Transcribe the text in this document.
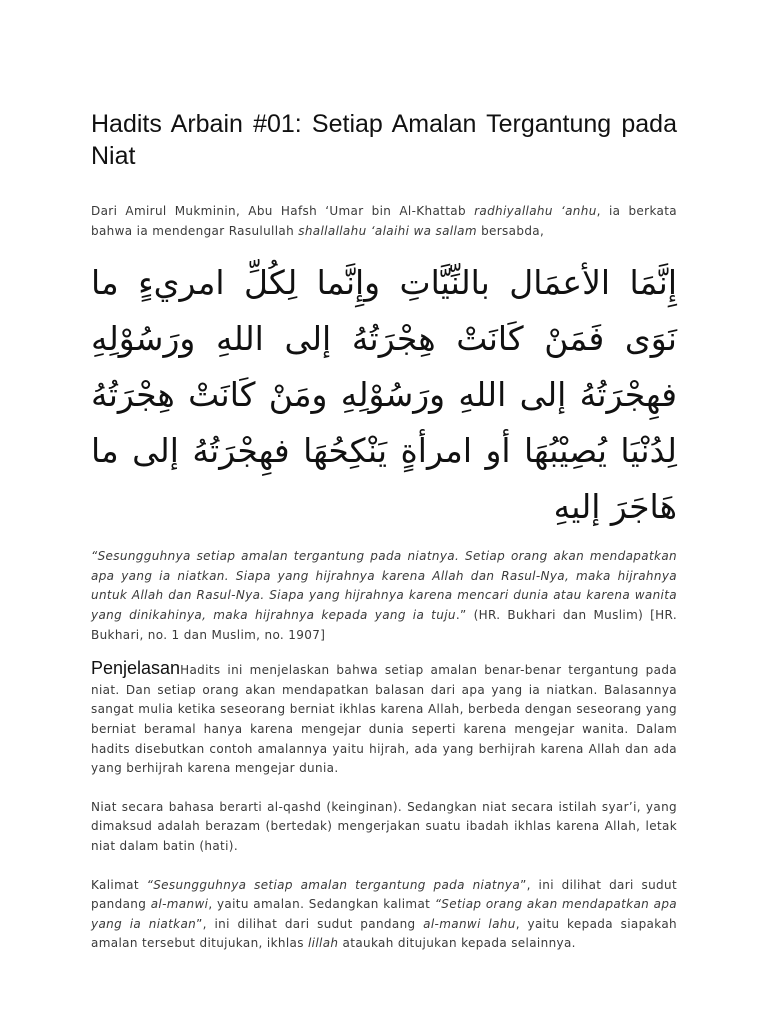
Hadits Arbain #01: Setiap Amalan Tergantung pada Niat

Dari Amirul Mukminin, Abu Hafsh ‘Umar bin Al-Khattab radhiyallahu ‘anhu, ia berkata bahwa ia mendengar Rasulullah shallallahu ‘alaihi wa sallam bersabda,

إِنَّمَا الأعمَال بالنِّيَّاتِ وإِنَّما لِكُلِّ امريءٍ ما نَوَى فَمَنْ كَانَتْ هِجْرَتُهُ إلى اللهِ ورَسُوْلِهِ فهِجْرَتُهُ إلى اللهِ ورَسُوْلِهِ ومَنْ كَانَتْ هِجْرَتُهُ لِدُنْيَا يُصِيْبُهَا أو امرأةٍ يَنْكِحُهَا فهِجْرَتُهُ إلى ما هَاجَرَ إليهِ

“Sesungguhnya setiap amalan tergantung pada niatnya. Setiap orang akan mendapatkan apa yang ia niatkan. Siapa yang hijrahnya karena Allah dan Rasul-Nya, maka hijrahnya untuk Allah dan Rasul-Nya. Siapa yang hijrahnya karena mencari dunia atau karena wanita yang dinikahinya, maka hijrahnya kepada yang ia tuju.” (HR. Bukhari dan Muslim) [HR. Bukhari, no. 1 dan Muslim, no. 1907]

PenjelasanHadits ini menjelaskan bahwa setiap amalan benar-benar tergantung pada niat. Dan setiap orang akan mendapatkan balasan dari apa yang ia niatkan. Balasannya sangat mulia ketika seseorang berniat ikhlas karena Allah, berbeda dengan seseorang yang berniat beramal hanya karena mengejar dunia seperti karena mengejar wanita. Dalam hadits disebutkan contoh amalannya yaitu hijrah, ada yang berhijrah karena Allah dan ada yang berhijrah karena mengejar dunia.

Niat secara bahasa berarti al-qashd (keinginan). Sedangkan niat secara istilah syar’i, yang dimaksud adalah berazam (bertedak) mengerjakan suatu ibadah ikhlas karena Allah, letak niat dalam batin (hati).

Kalimat “Sesungguhnya setiap amalan tergantung pada niatnya”, ini dilihat dari sudut pandang al-manwi, yaitu amalan. Sedangkan kalimat “Setiap orang akan mendapatkan apa yang ia niatkan”, ini dilihat dari sudut pandang al-manwi lahu, yaitu kepada siapakah amalan tersebut ditujukan, ikhlas lillah ataukah ditujukan kepada selainnya.
